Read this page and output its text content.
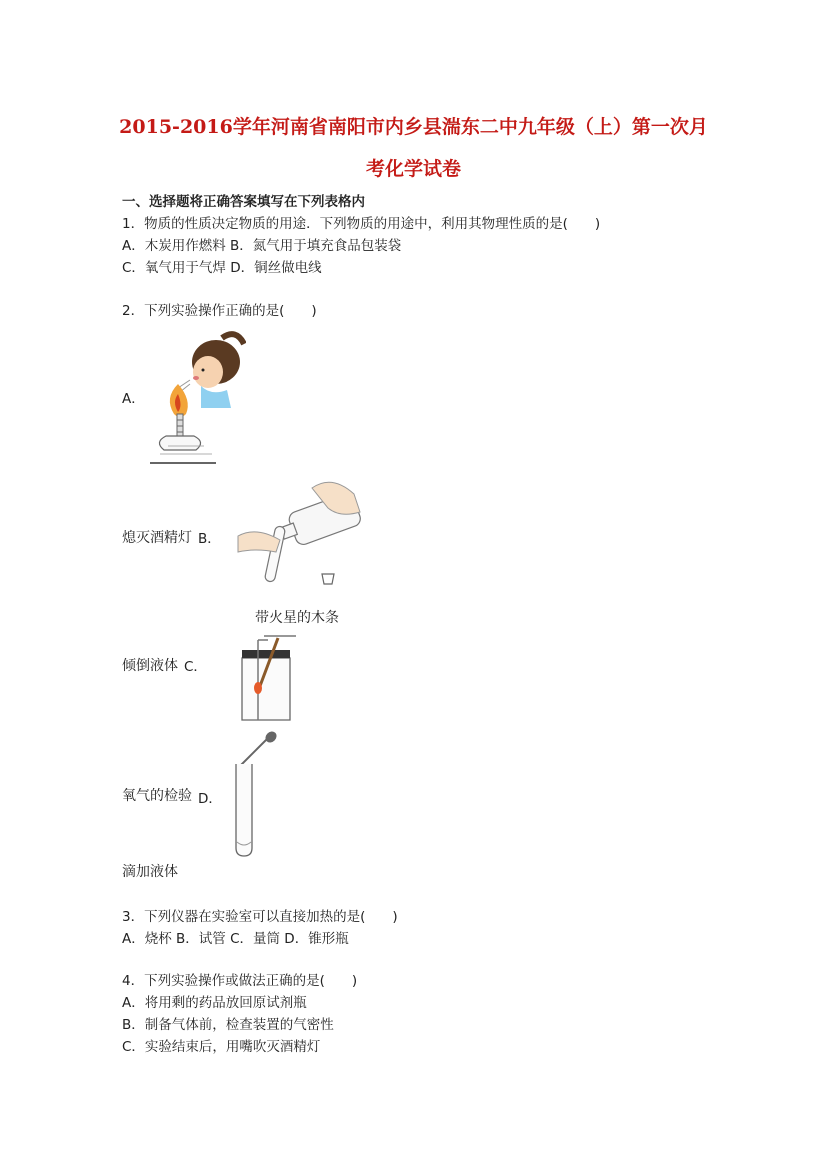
2015-2016学年河南省南阳市内乡县湍东二中九年级（上）第一次月
考化学试卷
一、选择题将正确答案填写在下列表格内
1．物质的性质决定物质的用途．下列物质的用途中，利用其物理性质的是(　　)
A．木炭用作燃料 B．氮气用于填充食品包装袋
C．氧气用于气焊 D．铜丝做电线
2．下列实验操作正确的是(　　)
A．
熄灭酒精灯 B．
带火星的木条
倾倒液体 C．
氧气的检验 D．
滴加液体
3．下列仪器在实验室可以直接加热的是(　　)
A．烧杯 B．试管 C．量筒 D．锥形瓶
4．下列实验操作或做法正确的是(　　)
A．将用剩的药品放回原试剂瓶
B．制备气体前，检查装置的气密性
C．实验结束后，用嘴吹灭酒精灯
